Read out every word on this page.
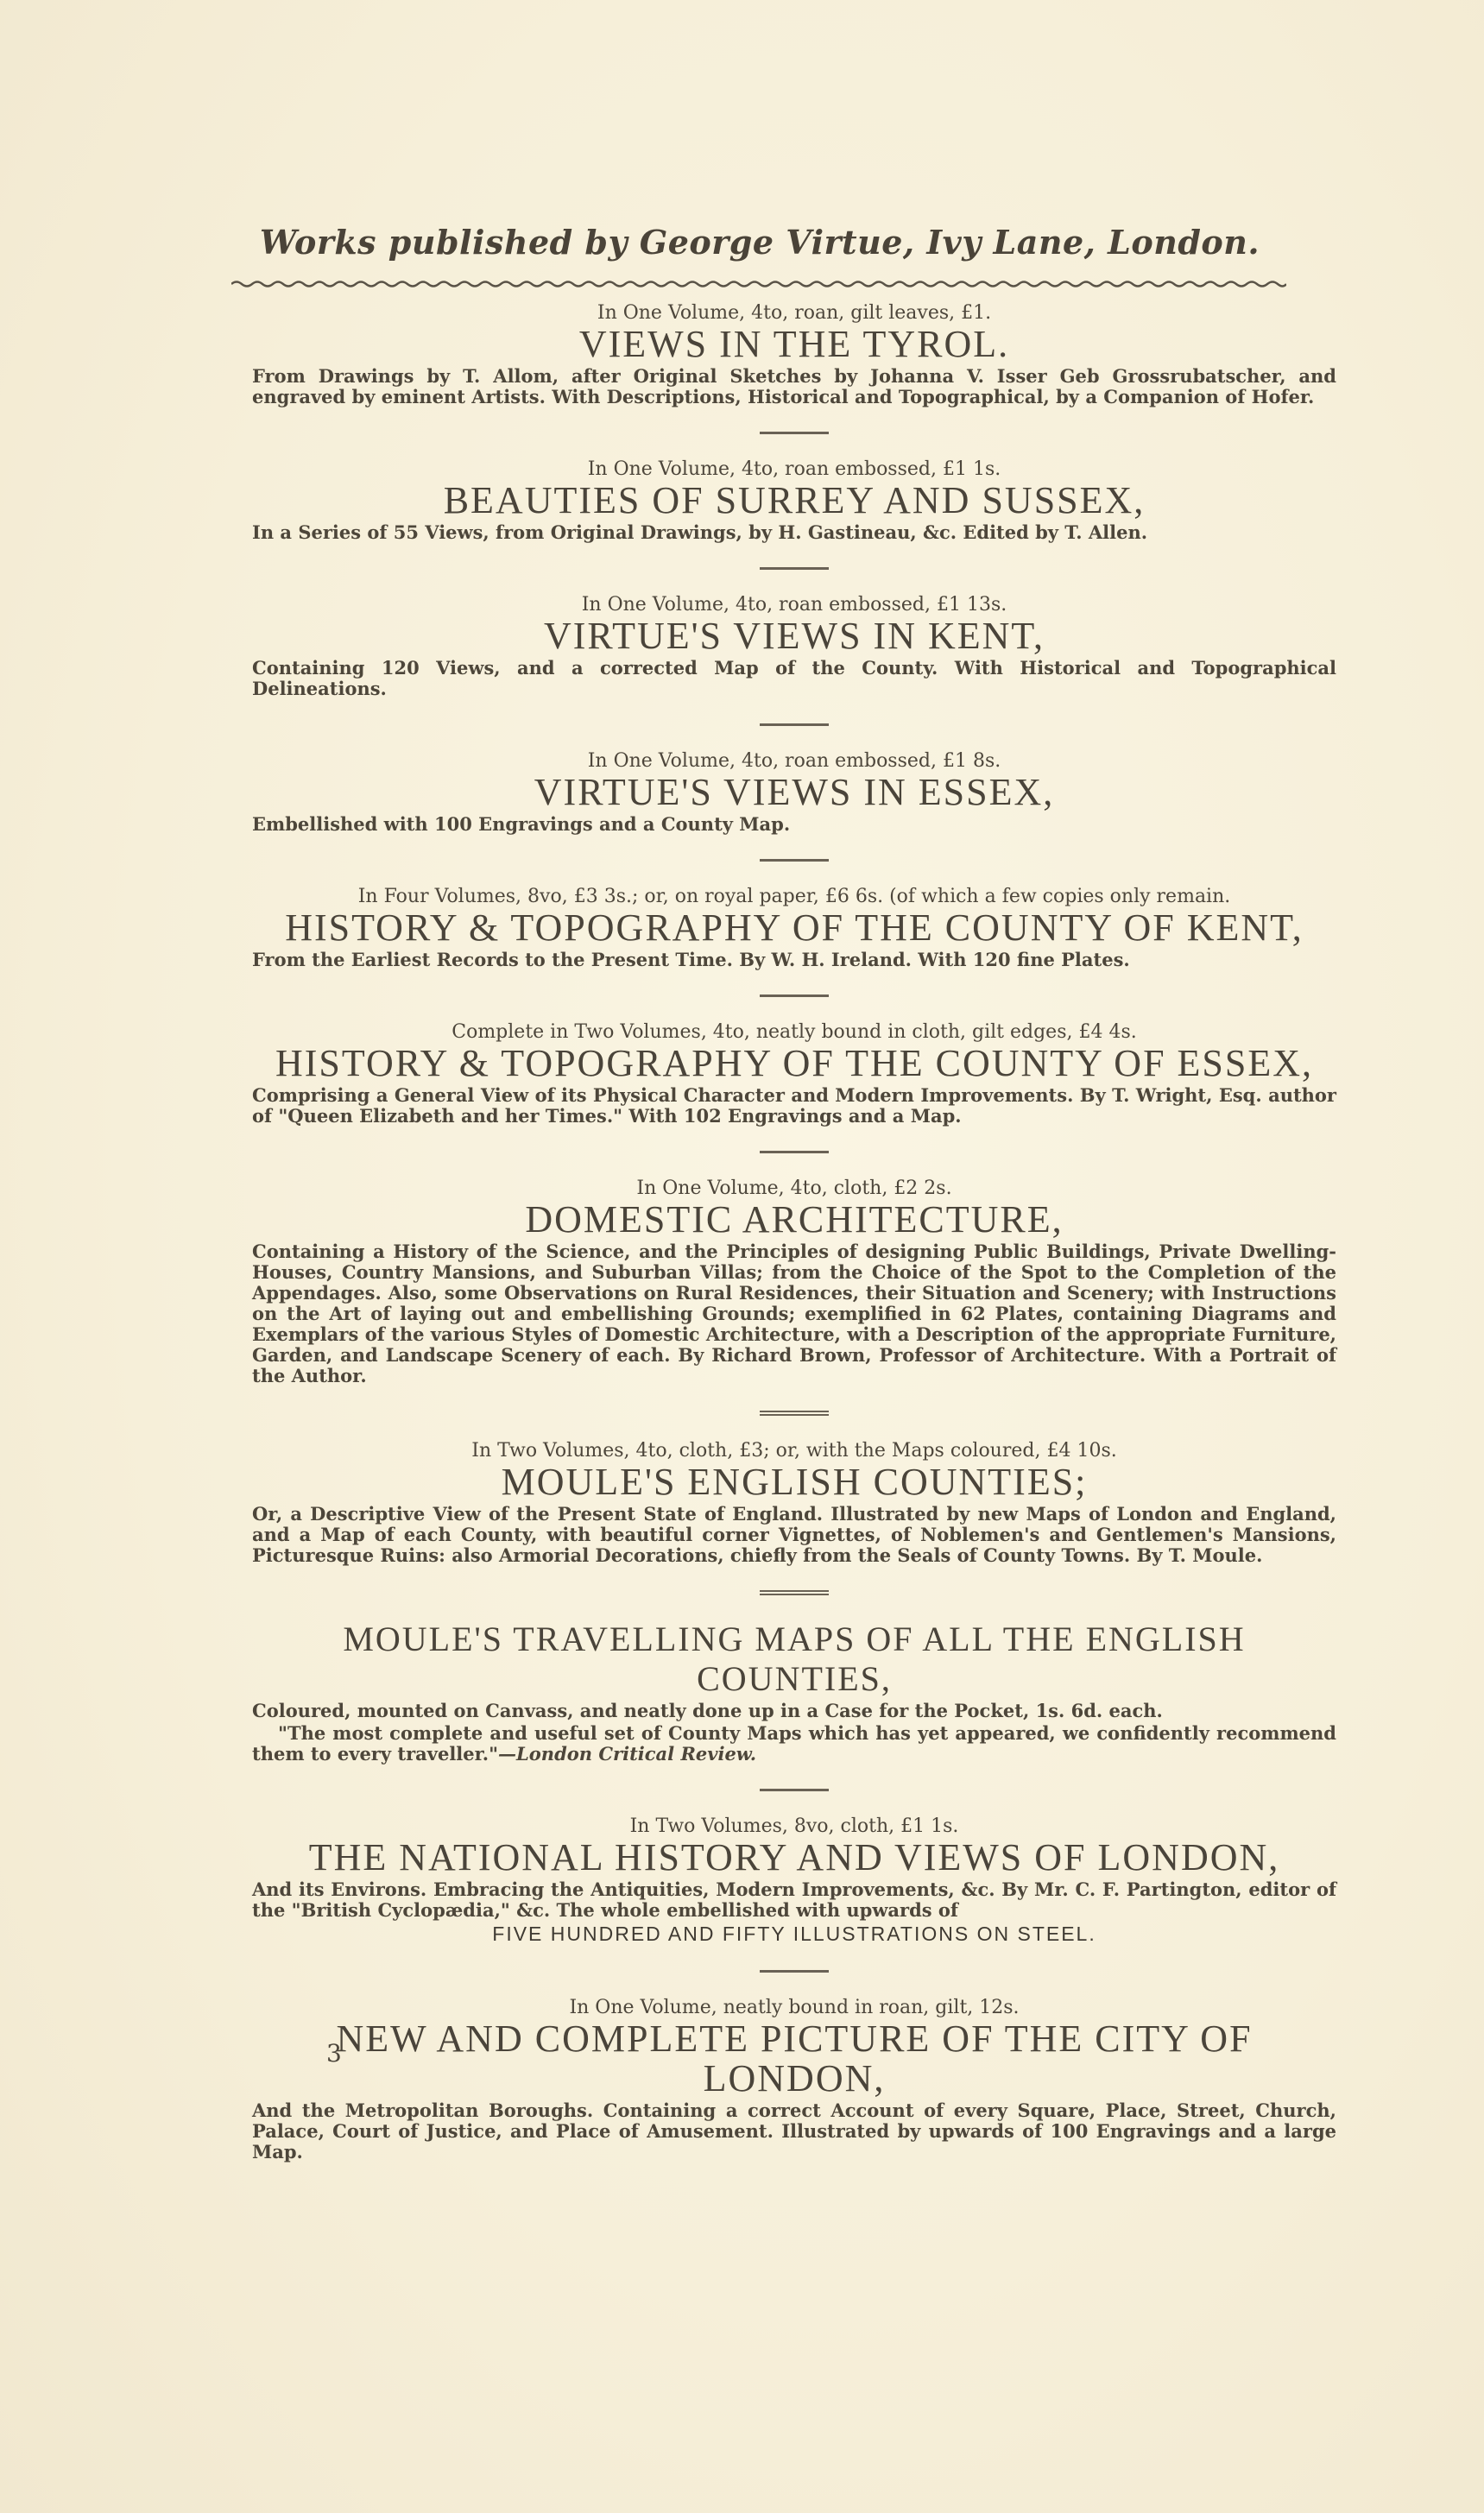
Works published by George Virtue, Ivy Lane, London.

In One Volume, 4to, roan, gilt leaves, £1.

VIEWS IN THE TYROL.

From Drawings by T. Allom, after Original Sketches by Johanna V. Isser Geb Grossrubatscher, and engraved by eminent Artists. With Descriptions, Historical and Topographical, by a Companion of Hofer.

In One Volume, 4to, roan embossed, £1 1s.

BEAUTIES OF SURREY AND SUSSEX,

In a Series of 55 Views, from Original Drawings, by H. Gastineau, &c. Edited by T. Allen.

In One Volume, 4to, roan embossed, £1 13s.

VIRTUE'S VIEWS IN KENT,

Containing 120 Views, and a corrected Map of the County. With Historical and Topographical Delineations.

In One Volume, 4to, roan embossed, £1 8s.

VIRTUE'S VIEWS IN ESSEX,

Embellished with 100 Engravings and a County Map.

In Four Volumes, 8vo, £3 3s.; or, on royal paper, £6 6s. (of which a few copies only remain.

HISTORY & TOPOGRAPHY OF THE COUNTY OF KENT,

From the Earliest Records to the Present Time. By W. H. Ireland. With 120 fine Plates.

Complete in Two Volumes, 4to, neatly bound in cloth, gilt edges, £4 4s.

HISTORY & TOPOGRAPHY OF THE COUNTY OF ESSEX,

Comprising a General View of its Physical Character and Modern Improvements. By T. Wright, Esq. author of "Queen Elizabeth and her Times." With 102 Engravings and a Map.

In One Volume, 4to, cloth, £2 2s.

DOMESTIC ARCHITECTURE,

Containing a History of the Science, and the Principles of designing Public Buildings, Private Dwelling-Houses, Country Mansions, and Suburban Villas; from the Choice of the Spot to the Completion of the Appendages. Also, some Observations on Rural Residences, their Situation and Scenery; with Instructions on the Art of laying out and embellishing Grounds; exemplified in 62 Plates, containing Diagrams and Exemplars of the various Styles of Domestic Architecture, with a Description of the appropriate Furniture, Garden, and Landscape Scenery of each. By Richard Brown, Professor of Architecture. With a Portrait of the Author.

In Two Volumes, 4to, cloth, £3; or, with the Maps coloured, £4 10s.

MOULE'S ENGLISH COUNTIES;

Or, a Descriptive View of the Present State of England. Illustrated by new Maps of London and England, and a Map of each County, with beautiful corner Vignettes, of Noblemen's and Gentlemen's Mansions, Picturesque Ruins: also Armorial Decorations, chiefly from the Seals of County Towns. By T. Moule.

MOULE'S TRAVELLING MAPS OF ALL THE ENGLISH COUNTIES,

Coloured, mounted on Canvass, and neatly done up in a Case for the Pocket, 1s. 6d. each.

"The most complete and useful set of County Maps which has yet appeared, we confidently recommend them to every traveller."—London Critical Review.

In Two Volumes, 8vo, cloth, £1 1s.

THE NATIONAL HISTORY AND VIEWS OF LONDON,

And its Environs. Embracing the Antiquities, Modern Improvements, &c. By Mr. C. F. Partington, editor of the "British Cyclopædia," &c. The whole embellished with upwards of

FIVE HUNDRED AND FIFTY ILLUSTRATIONS ON STEEL.

In One Volume, neatly bound in roan, gilt, 12s.

NEW AND COMPLETE PICTURE OF THE CITY OF LONDON,

And the Metropolitan Boroughs. Containing a correct Account of every Square, Place, Street, Church, Palace, Court of Justice, and Place of Amusement. Illustrated by upwards of 100 Engravings and a large Map.

3
